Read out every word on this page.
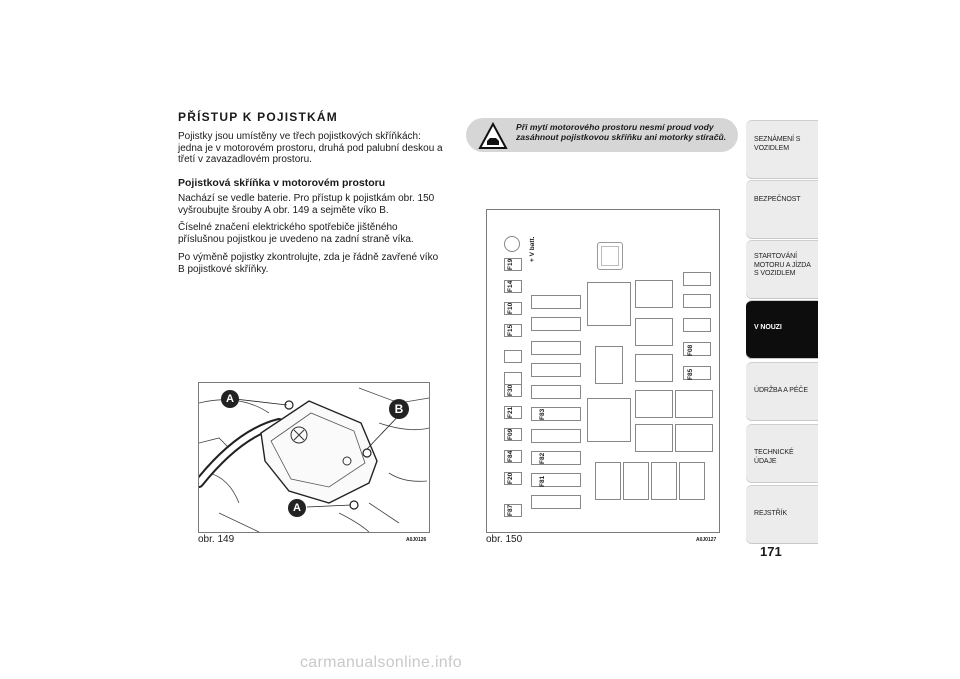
PŘÍSTUP K POJISTKÁM
Pojistky jsou umístěny ve třech pojistkových skříňkách: jedna je v motorovém prostoru, druhá pod palubní deskou a třetí v zavazadlovém prostoru.
Pojistková skříňka v motorovém prostoru
Nachází se vedle baterie. Pro přístup k pojistkám obr. 150 vyšroubujte šrouby A obr. 149 a sejměte víko B.
Číselné značení elektrického spotřebiče jištěného příslušnou pojistkou je uvedeno na zadní straně víka.
Po výměně pojistky zkontrolujte, zda je řádně zavřené víko B pojistkové skříňky.
Při mytí motorového prostoru nesmí proud vody zasáhnout pojistkovou skříňku ani motorky stíračů.
A
B
A
obr. 149	A0J0126
+ V batt.
F83
F82
F81
F08
F85
F19
F14
F10
F15
F30
F21
F09
F84
F20
F87
obr. 150	A0J0127
SEZNÁMENÍ S VOZIDLEM
BEZPEČNOST
STARTOVÁNÍ MOTORU A JÍZDA S VOZIDLEM
V NOUZI
ÚDRŽBA A PÉČE
TECHNICKÉ ÚDAJE
REJSTŘÍK
171
carmanualsonline.info
